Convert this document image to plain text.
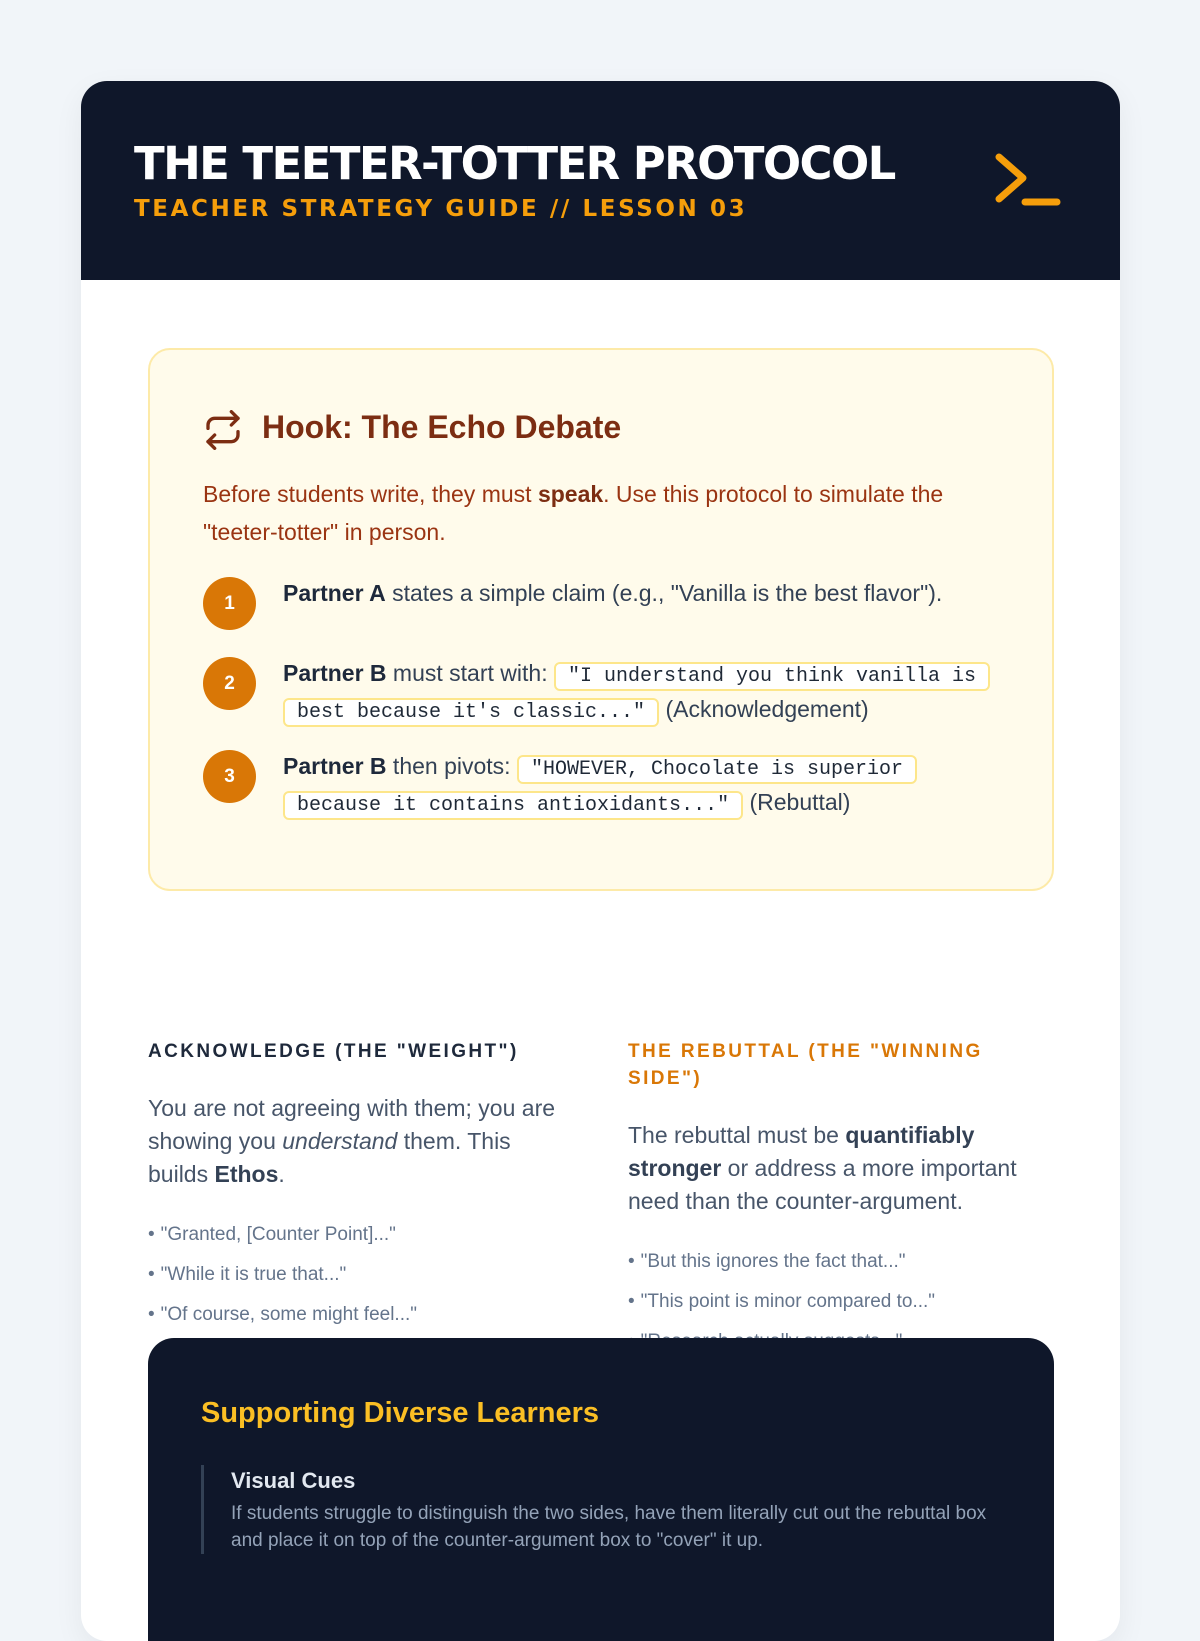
THE TEETER-TOTTER PROTOCOL
TEACHER STRATEGY GUIDE // LESSON 03
Hook: The Echo Debate

Before students write, they must speak. Use this protocol to simulate the "teeter-totter" in person.

1	Partner A states a simple claim (e.g., "Vanilla is the best flavor").
2	Partner B must start with: "I understand you think vanilla is best because it's classic..." (Acknowledgement)
3	Partner B then pivots: "HOWEVER, Chocolate is superior because it contains antioxidants..." (Rebuttal)
ACKNOWLEDGE (THE "WEIGHT")

You are not agreeing with them; you are showing you understand them. This builds Ethos.

• "Granted, [Counter Point]..."
• "While it is true that..."
• "Of course, some might feel..."
THE REBUTTAL (THE "WINNING SIDE")

The rebuttal must be quantifiably stronger or address a more important need than the counter-argument.

• "But this ignores the fact that..."
• "This point is minor compared to..."
Supporting Diverse Learners
Visual Cues
If students struggle to distinguish the two sides, have them literally cut out the rebuttal box and place it on top of the counter-argument box to "cover" it up.
